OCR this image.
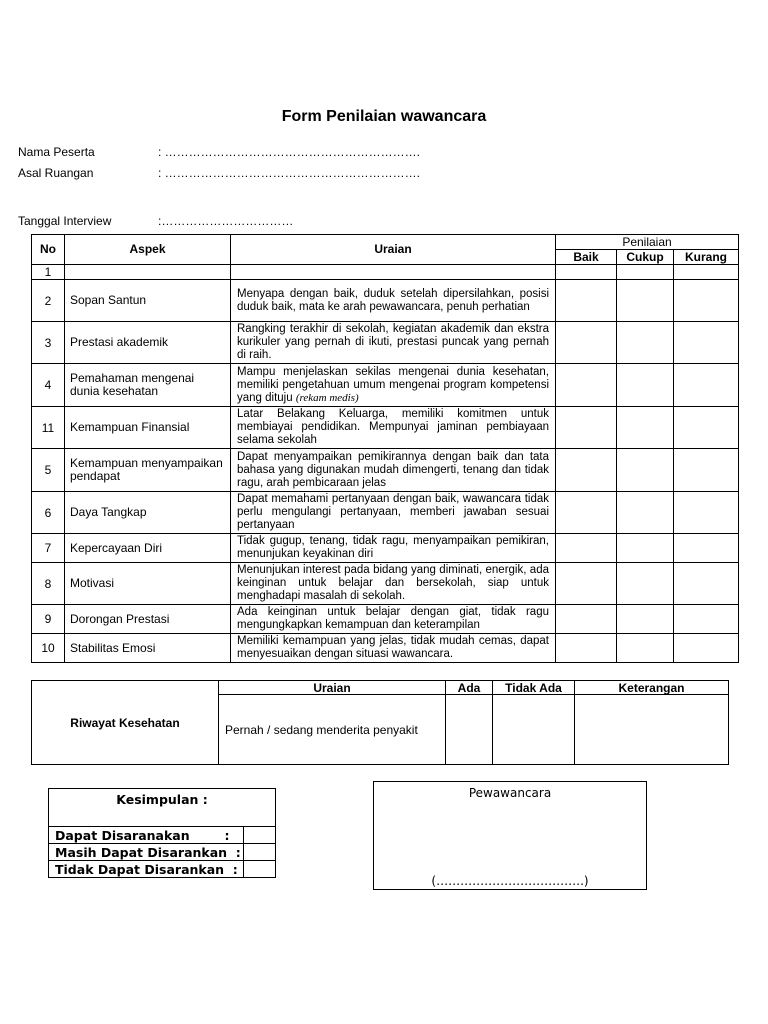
Form Penilaian wawancara
Nama Peserta	: ……………………………………………………….
Asal Ruangan	: ……………………………………………………….
Tanggal Interview	:……………………………
No	Aspek	Uraian	Penilaian		
			Baik	Cukup	Kurang
1					
2	Sopan Santun	Menyapa dengan baik, duduk setelah dipersilahkan, posisi duduk baik, mata ke arah pewawancara, penuh perhatian			
3	Prestasi akademik	Rangking terakhir di sekolah, kegiatan akademik dan ekstra kurikuler yang pernah di ikuti, prestasi puncak yang pernah di raih.			
4	Pemahaman mengenai dunia kesehatan	Mampu menjelaskan sekilas mengenai dunia kesehatan, memiliki pengetahuan umum mengenai program kompetensi yang dituju (rekam medis)			
11	Kemampuan Finansial	Latar Belakang Keluarga, memiliki komitmen untuk membiayai pendidikan. Mempunyai jaminan pembiayaan selama sekolah			
5	Kemampuan menyampaikan pendapat	Dapat menyampaikan pemikirannya dengan baik dan tata bahasa yang digunakan mudah dimengerti, tenang dan tidak ragu, arah pembicaraan jelas			
6	Daya Tangkap	Dapat memahami pertanyaan dengan baik, wawancara tidak perlu mengulangi pertanyaan, memberi jawaban sesuai pertanyaan			
7	Kepercayaan Diri	Tidak gugup, tenang, tidak ragu, menyampaikan pemikiran, menunjukan keyakinan diri			
8	Motivasi	Menunjukan interest pada bidang yang diminati, energik, ada keinginan untuk belajar dan bersekolah, siap untuk menghadapi masalah di sekolah.			
9	Dorongan Prestasi	Ada keinginan untuk belajar dengan giat, tidak ragu mengungkapkan kemampuan dan keterampilan			
10	Stabilitas Emosi	Memiliki kemampuan yang jelas, tidak mudah cemas, dapat menyesuaikan dengan situasi wawancara.			
Riwayat Kesehatan	Uraian	Ada	Tidak Ada	Keterangan
	Pernah / sedang menderita penyakit			
Kesimpulan :	
Dapat Disaranakan        :	
Masih Dapat Disarankan  :	
Tidak Dapat Disarankan  :	
Pewawancara
(……………………………….)
